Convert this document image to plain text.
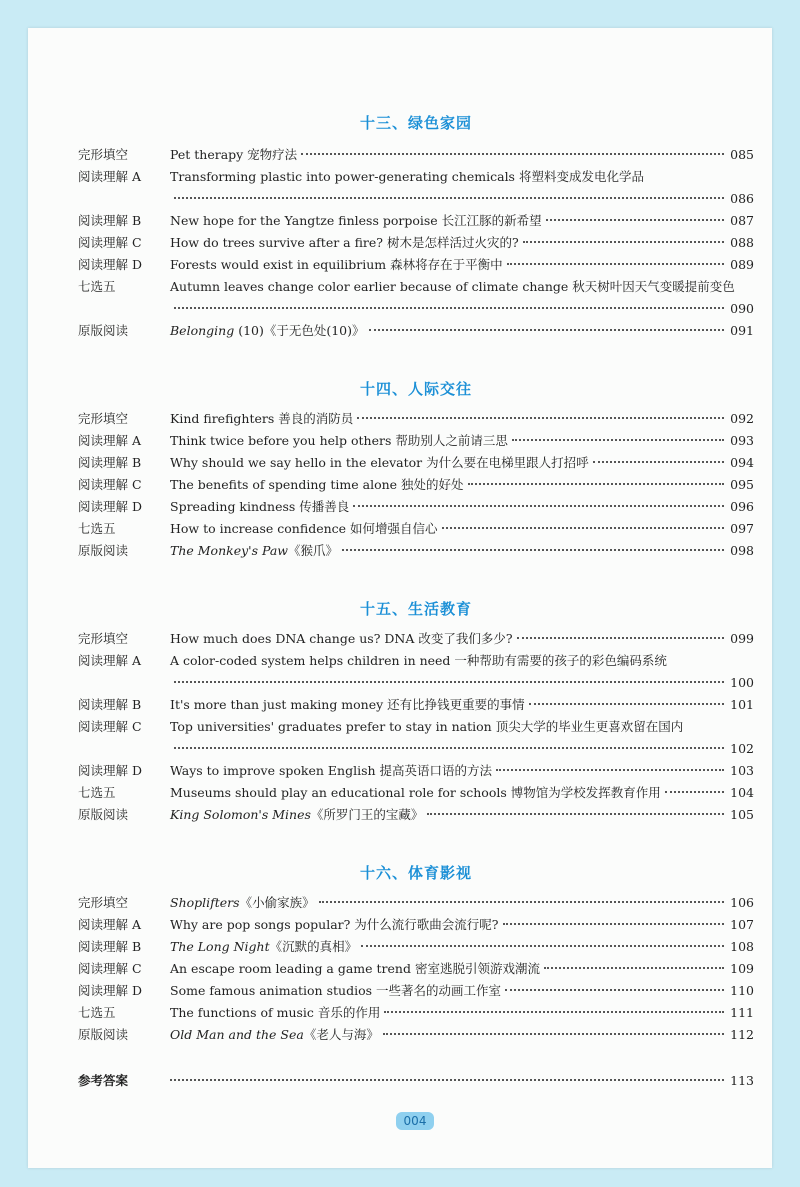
十三、绿色家园
完形填空	Pet therapy 宠物疗法	085
阅读理解 A	Transforming plastic into power-generating chemicals 将塑料变成发电化学品
086
阅读理解 B	New hope for the Yangtze finless porpoise 长江江豚的新希望	087
阅读理解 C	How do trees survive after a fire? 树木是怎样活过火灾的?	088
阅读理解 D	Forests would exist in equilibrium 森林将存在于平衡中	089
七选五	Autumn leaves change color earlier because of climate change 秋天树叶因天气变暖提前变色
090
原版阅读	Belonging (10)《于无色处(10)》	091
十四、人际交往
完形填空	Kind firefighters 善良的消防员	092
阅读理解 A	Think twice before you help others 帮助别人之前请三思	093
阅读理解 B	Why should we say hello in the elevator 为什么要在电梯里跟人打招呼	094
阅读理解 C	The benefits of spending time alone 独处的好处	095
阅读理解 D	Spreading kindness 传播善良	096
七选五	How to increase confidence 如何增强自信心	097
原版阅读	The Monkey's Paw《猴爪》	098
十五、生活教育
完形填空	How much does DNA change us? DNA 改变了我们多少?	099
阅读理解 A	A color-coded system helps children in need 一种帮助有需要的孩子的彩色编码系统
100
阅读理解 B	It's more than just making money 还有比挣钱更重要的事情	101
阅读理解 C	Top universities' graduates prefer to stay in nation 顶尖大学的毕业生更喜欢留在国内
102
阅读理解 D	Ways to improve spoken English 提高英语口语的方法	103
七选五	Museums should play an educational role for schools 博物馆为学校发挥教育作用	104
原版阅读	King Solomon's Mines《所罗门王的宝藏》	105
十六、体育影视
完形填空	Shoplifters《小偷家族》	106
阅读理解 A	Why are pop songs popular? 为什么流行歌曲会流行呢?	107
阅读理解 B	The Long Night《沉默的真相》	108
阅读理解 C	An escape room leading a game trend 密室逃脱引领游戏潮流	109
阅读理解 D	Some famous animation studios 一些著名的动画工作室	110
七选五	The functions of music 音乐的作用	111
原版阅读	Old Man and the Sea《老人与海》	112
参考答案	113
004
